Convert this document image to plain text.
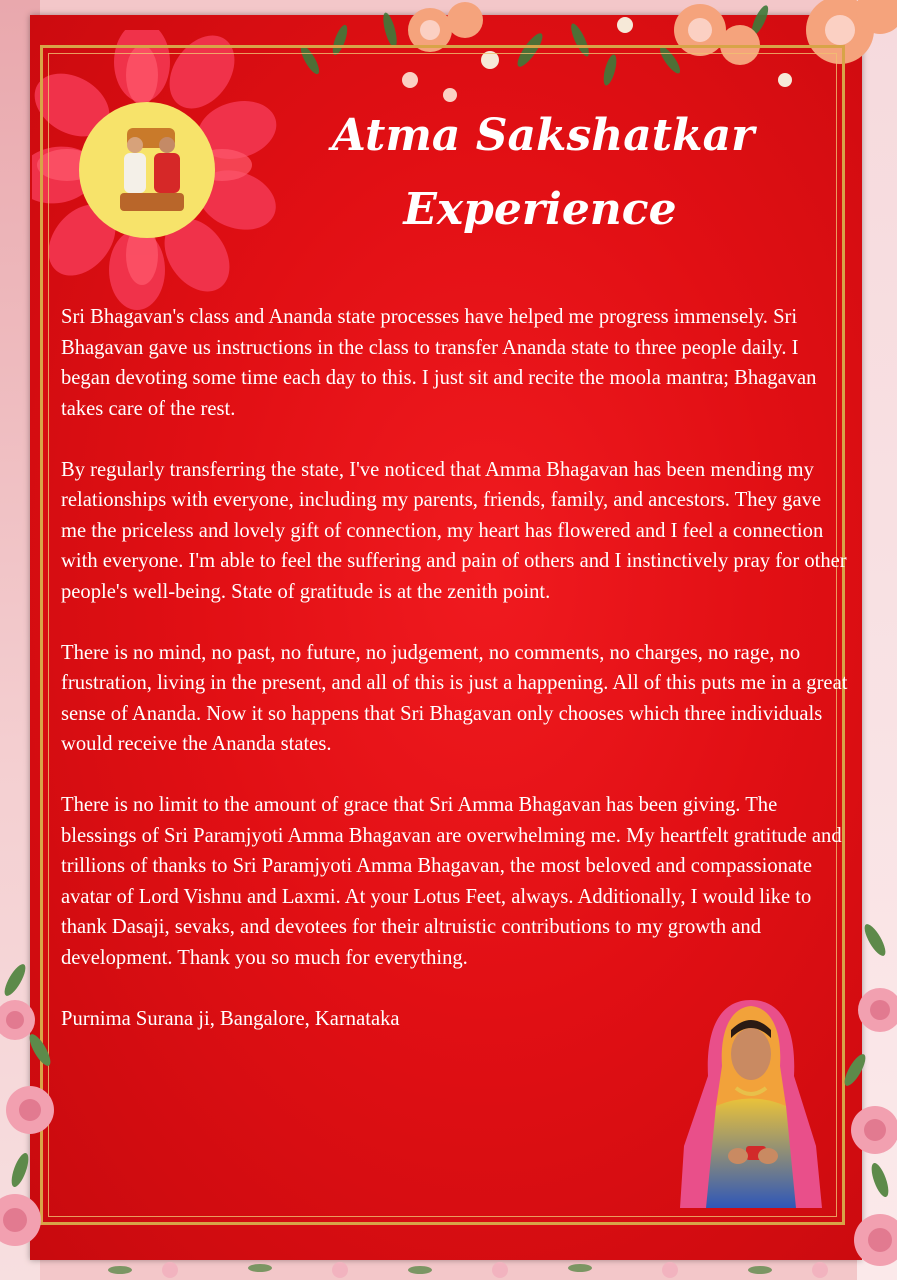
Atma Sakshatkar
Experience

Sri Bhagavan's class and Ananda state processes have helped me progress immensely. Sri Bhagavan gave us instructions in the class to transfer Ananda state to three people daily. I began devoting some time each day to this. I just sit and recite the moola mantra; Bhagavan takes care of the rest.

By regularly transferring the state, I've noticed that Amma Bhagavan has been mending my relationships with everyone, including my parents, friends, family, and ancestors. They gave me the priceless and lovely gift of connection, my heart has flowered and I feel a connection with everyone. I'm able to feel the suffering and pain of others and I instinctively pray for other people's well-being. State of gratitude is at the zenith point.

There is no mind, no past, no future, no judgement, no comments, no charges, no rage, no frustration, living in the present, and all of this is just a happening. All of this puts me in a great sense of Ananda. Now it so happens that Sri Bhagavan only chooses which three individuals would receive the Ananda states.

There is no limit to the amount of grace that Sri Amma Bhagavan has been giving. The blessings of Sri Paramjyoti Amma Bhagavan are overwhelming me. My heartfelt gratitude and trillions of thanks to Sri Paramjyoti Amma Bhagavan, the most beloved and compassionate avatar of Lord Vishnu and Laxmi. At your Lotus Feet, always. Additionally, I would like to thank Dasaji, sevaks, and devotees for their altruistic contributions to my growth and development. Thank you so much for everything.

Purnima Surana ji, Bangalore, Karnataka
